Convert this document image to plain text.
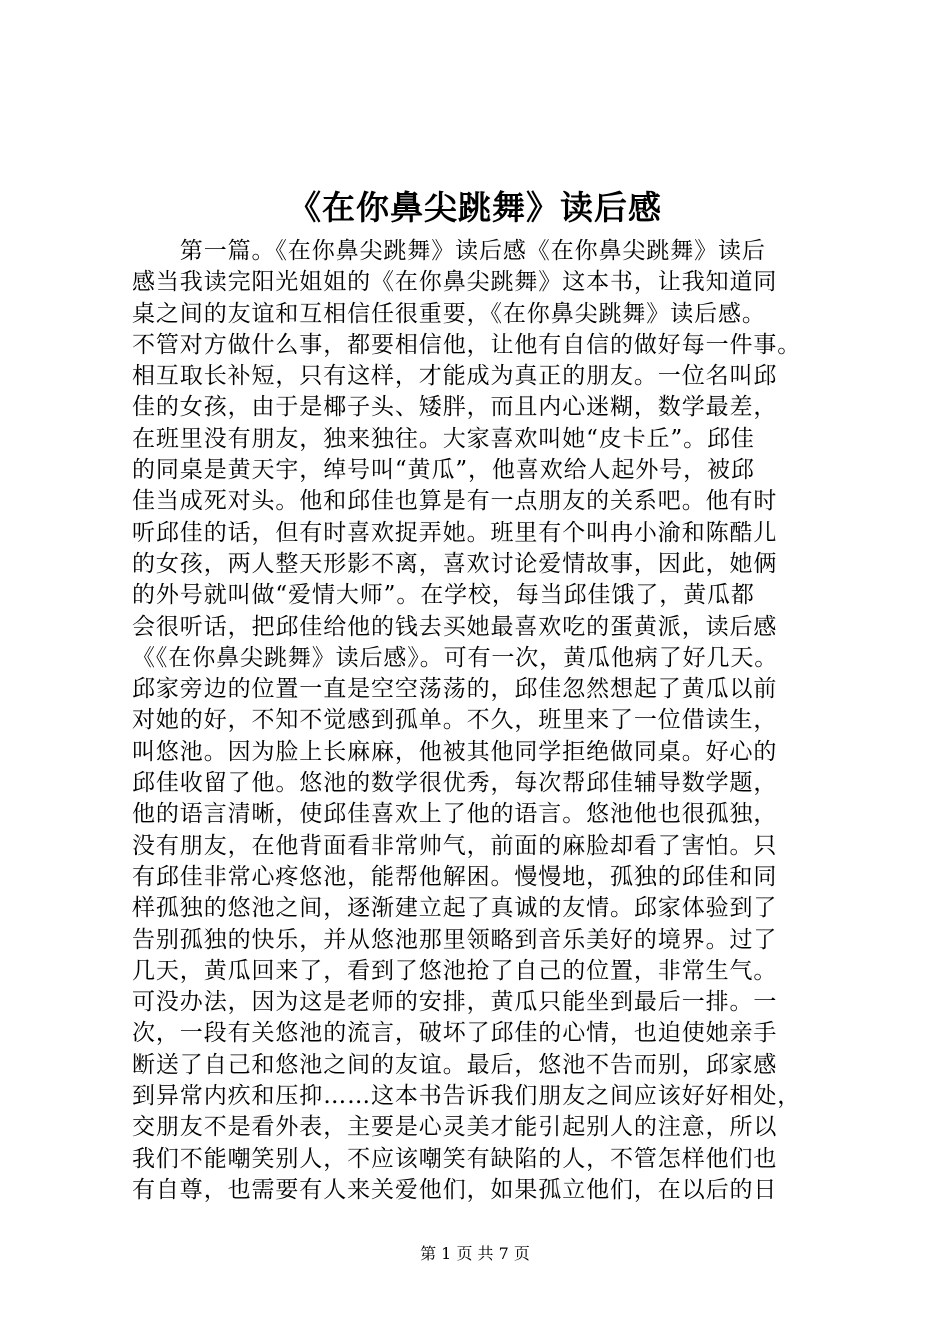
《在你鼻尖跳舞》读后感
　　第一篇。《在你鼻尖跳舞》读后感《在你鼻尖跳舞》读后
感当我读完阳光姐姐的《在你鼻尖跳舞》这本书，让我知道同
桌之间的友谊和互相信任很重要，《在你鼻尖跳舞》读后感。
不管对方做什么事，都要相信他，让他有自信的做好每一件事。
相互取长补短，只有这样，才能成为真正的朋友。一位名叫邱
佳的女孩，由于是椰子头、矮胖，而且内心迷糊，数学最差，
在班里没有朋友，独来独往。大家喜欢叫她“皮卡丘”。邱佳
的同桌是黄天宇，绰号叫“黄瓜”，他喜欢给人起外号，被邱
佳当成死对头。他和邱佳也算是有一点朋友的关系吧。他有时
听邱佳的话，但有时喜欢捉弄她。班里有个叫冉小渝和陈酷儿
的女孩，两人整天形影不离，喜欢讨论爱情故事，因此，她俩
的外号就叫做“爱情大师”。在学校，每当邱佳饿了，黄瓜都
会很听话，把邱佳给他的钱去买她最喜欢吃的蛋黄派，读后感
《《在你鼻尖跳舞》读后感》。可有一次，黄瓜他病了好几天。
邱家旁边的位置一直是空空荡荡的，邱佳忽然想起了黄瓜以前
对她的好，不知不觉感到孤单。不久，班里来了一位借读生，
叫悠池。因为脸上长麻麻，他被其他同学拒绝做同桌。好心的
邱佳收留了他。悠池的数学很优秀，每次帮邱佳辅导数学题，
他的语言清晰，使邱佳喜欢上了他的语言。悠池他也很孤独，
没有朋友，在他背面看非常帅气，前面的麻脸却看了害怕。只
有邱佳非常心疼悠池，能帮他解困。慢慢地，孤独的邱佳和同
样孤独的悠池之间，逐渐建立起了真诚的友情。邱家体验到了
告别孤独的快乐，并从悠池那里领略到音乐美好的境界。过了
几天，黄瓜回来了，看到了悠池抢了自己的位置，非常生气。
可没办法，因为这是老师的安排，黄瓜只能坐到最后一排。一
次，一段有关悠池的流言，破坏了邱佳的心情，也迫使她亲手
断送了自己和悠池之间的友谊。最后，悠池不告而别，邱家感
到异常内疚和压抑……这本书告诉我们朋友之间应该好好相处，
交朋友不是看外表，主要是心灵美才能引起别人的注意，所以
我们不能嘲笑别人，不应该嘲笑有缺陷的人，不管怎样他们也
有自尊，也需要有人来关爱他们，如果孤立他们，在以后的日
第 1 页 共 7 页
